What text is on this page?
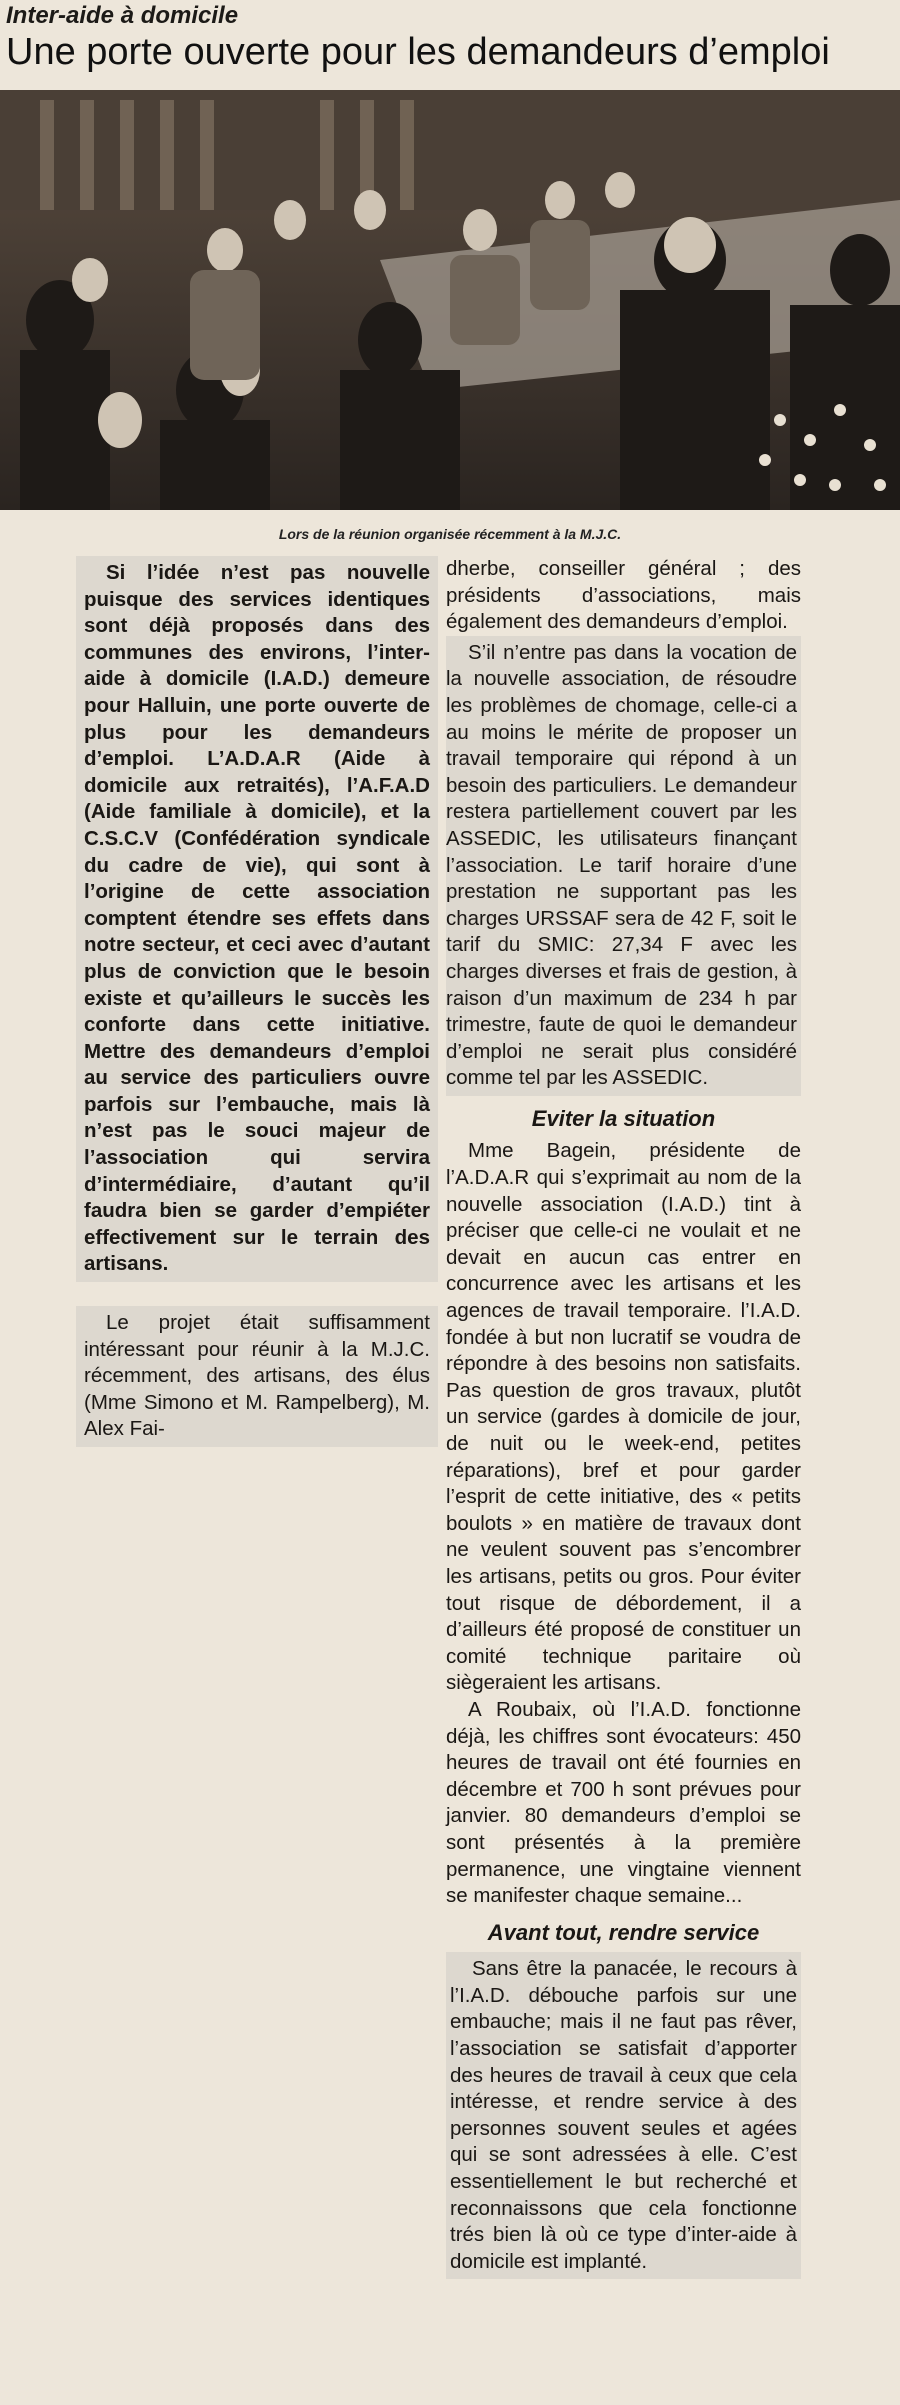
Inter-aide à domicile
Une porte ouverte pour les demandeurs d’emploi
Lors de la réunion organisée récemment à la M.J.C.

Si l’idée n’est pas nouvelle puisque des services identiques sont déjà proposés dans des communes des environs, l’inter-aide à domicile (I.A.D.) demeure pour Halluin, une porte ouverte de plus pour les demandeurs d’emploi. L’A.D.A.R (Aide à domicile aux retraités), l’A.F.A.D (Aide familiale à domicile), et la C.S.C.V (Confédération syndicale du cadre de vie), qui sont à l’origine de cette association comptent étendre ses effets dans notre secteur, et ceci avec d’autant plus de conviction que le besoin existe et qu’ailleurs le succès les conforte dans cette initiative. Mettre des demandeurs d’emploi au service des particuliers ouvre parfois sur l’embauche, mais là n’est pas le souci majeur de l’association qui servira d’intermédiaire, d’autant qu’il faudra bien se garder d’empiéter effectivement sur le terrain des artisans.

Le projet était suffisamment intéressant pour réunir à la M.J.C. récemment, des artisans, des élus (Mme Simono et M. Rampelberg), M. Alex Fai-

dherbe, conseiller général ; des présidents d’associations, mais également des demandeurs d’emploi.

S’il n’entre pas dans la vocation de la nouvelle association, de résoudre les problèmes de chomage, celle-ci a au moins le mérite de proposer un travail temporaire qui répond à un besoin des particuliers. Le demandeur restera partiellement couvert par les ASSEDIC, les utilisateurs finançant l’association. Le tarif horaire d’une prestation ne supportant pas les charges URSSAF sera de 42 F, soit le tarif du SMIC: 27,34 F avec les charges diverses et frais de gestion, à raison d’un maximum de 234 h par trimestre, faute de quoi le demandeur d’emploi ne serait plus considéré comme tel par les ASSEDIC.

Eviter la situation

Mme Bagein, présidente de l’A.D.A.R qui s’exprimait au nom de la nouvelle association (I.A.D.) tint à préciser que celle-ci ne voulait et ne devait en aucun cas entrer en concurrence avec les artisans et les agences de travail temporaire. l’I.A.D. fondée à but non lucratif se voudra de répondre à des besoins non satisfaits. Pas question de gros travaux, plutôt un service (gardes à domicile de jour, de nuit ou le week-end, petites réparations), bref et pour garder l’esprit de cette initiative, des « petits boulots » en matière de travaux dont ne veulent souvent pas s’encombrer les artisans, petits ou gros. Pour éviter tout risque de débordement, il a d’ailleurs été proposé de constituer un comité technique paritaire où siègeraient les artisans.

A Roubaix, où l’I.A.D. fonctionne déjà, les chiffres sont évocateurs: 450 heures de travail ont été fournies en décembre et 700 h sont prévues pour janvier. 80 demandeurs d’emploi se sont présentés à la première permanence, une vingtaine viennent se manifester chaque semaine...

Avant tout, rendre service

Sans être la panacée, le recours à l’I.A.D. débouche parfois sur une embauche; mais il ne faut pas rêver, l’association se satisfait d’apporter des heures de travail à ceux que cela intéresse, et rendre service à des personnes souvent seules et agées qui se sont adressées à elle. C’est essentiellement le but recherché et reconnaissons que cela fonctionne trés bien là où ce type d’inter-aide à domicile est implanté.
